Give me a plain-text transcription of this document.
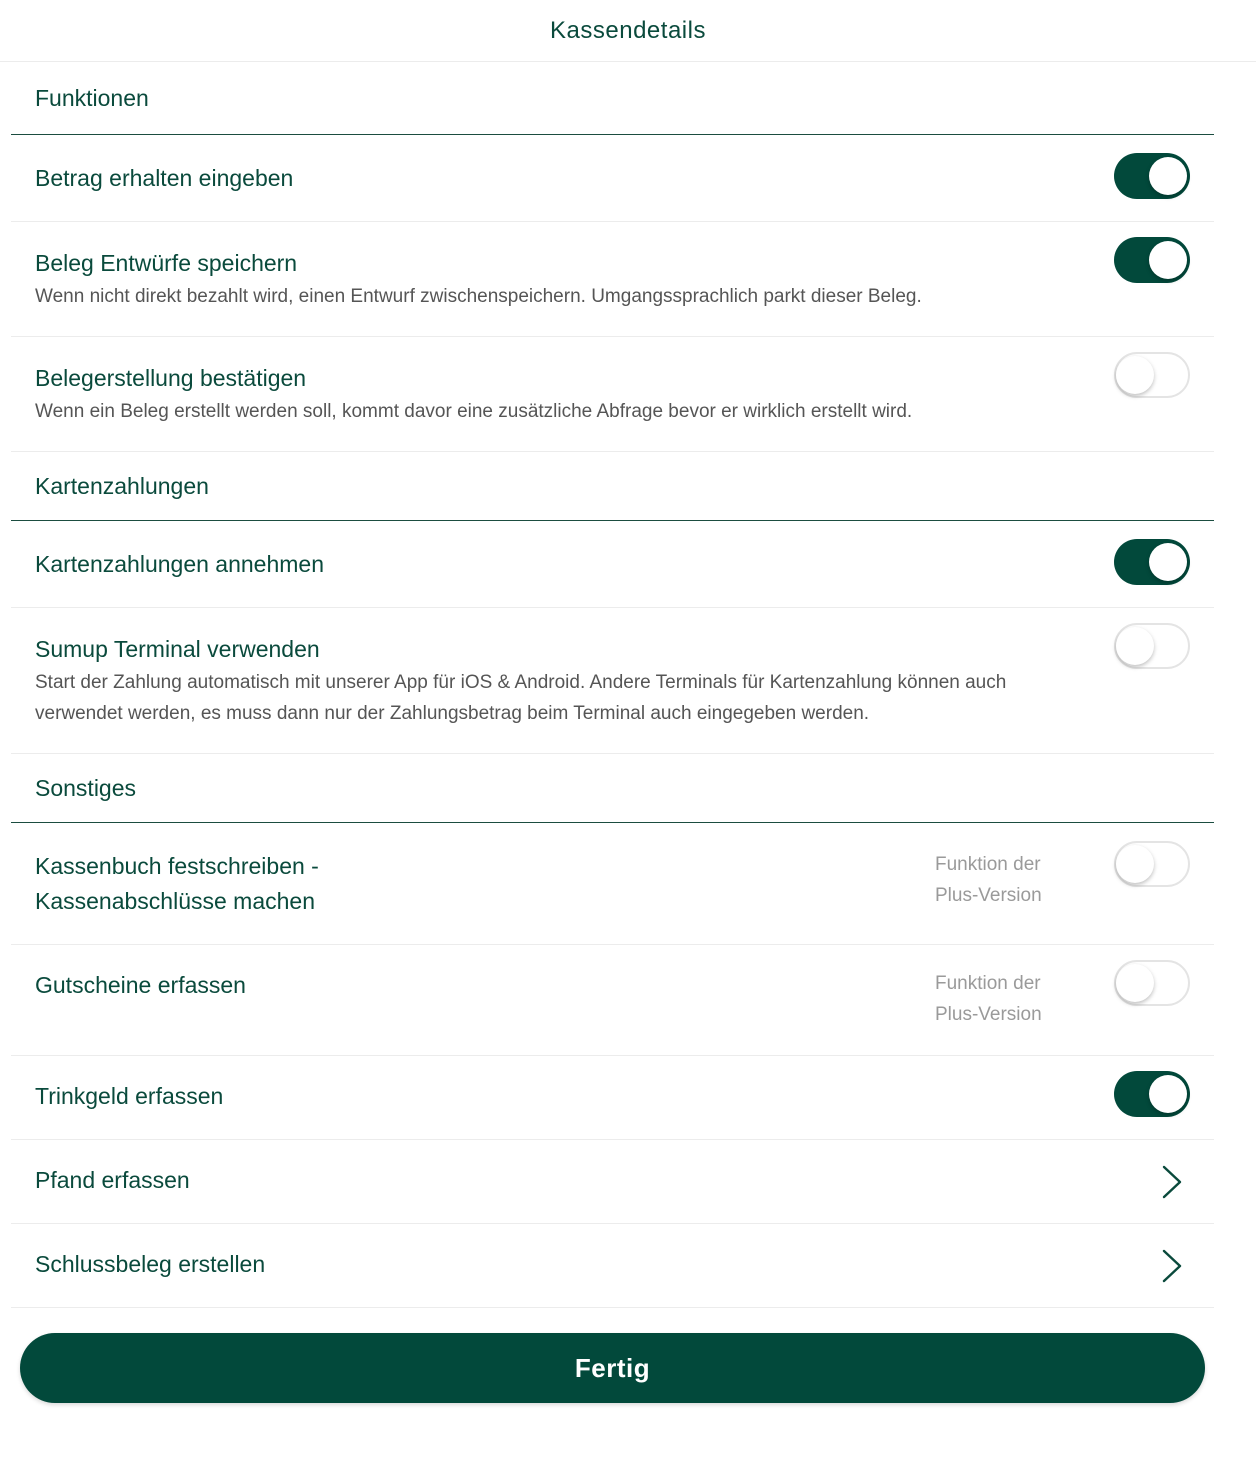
Kassendetails
Funktionen
Betrag erhalten eingeben
Beleg Entwürfe speichern
Wenn nicht direkt bezahlt wird, einen Entwurf zwischenspeichern. Umgangssprachlich parkt dieser Beleg.
Belegerstellung bestätigen
Wenn ein Beleg erstellt werden soll, kommt davor eine zusätzliche Abfrage bevor er wirklich erstellt wird.
Kartenzahlungen
Kartenzahlungen annehmen
Sumup Terminal verwenden
Start der Zahlung automatisch mit unserer App für iOS & Android. Andere Terminals für Kartenzahlung können auch verwendet werden, es muss dann nur der Zahlungsbetrag beim Terminal auch eingegeben werden.
Sonstiges
Kassenbuch festschreiben -
Kassenabschlüsse machen
Funktion der
Plus-Version
Gutscheine erfassen	Funktion der
Plus-Version
Trinkgeld erfassen
Pfand erfassen
Schlussbeleg erstellen
Fertig
